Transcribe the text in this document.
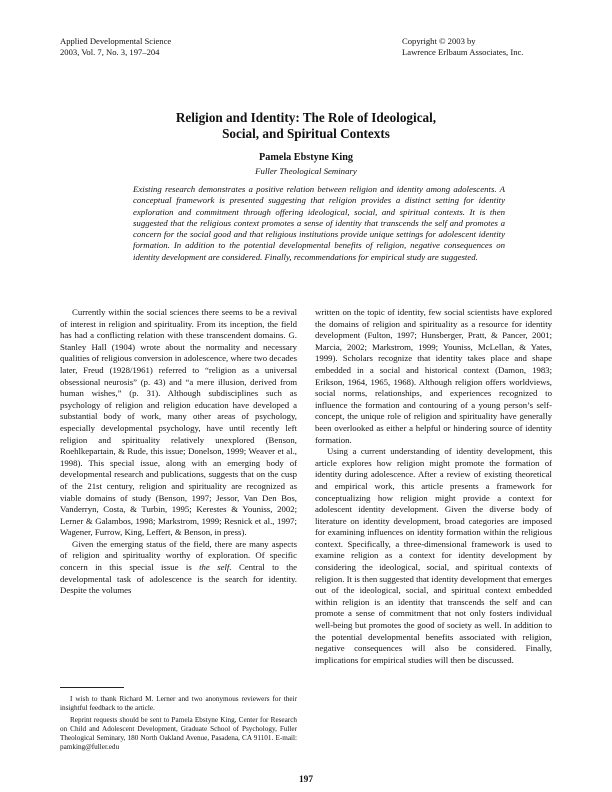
Applied Developmental Science
2003, Vol. 7, No. 3, 197–204
Copyright © 2003 by
Lawrence Erlbaum Associates, Inc.
Religion and Identity: The Role of Ideological,
Social, and Spiritual Contexts
Pamela Ebstyne King
Fuller Theological Seminary
Existing research demonstrates a positive relation between religion and identity among adolescents. A conceptual framework is presented suggesting that religion provides a distinct setting for identity exploration and commitment through offering ideological, social, and spiritual contexts. It is then suggested that the religious context promotes a sense of identity that transcends the self and promotes a concern for the social good and that religious institutions provide unique settings for adolescent identity formation. In addition to the potential developmental benefits of religion, negative consequences on identity development are considered. Finally, recommendations for empirical study are suggested.

Currently within the social sciences there seems to be a revival of interest in religion and spirituality. From its inception, the field has had a conflicting relation with these transcendent domains. G. Stanley Hall (1904) wrote about the normality and necessary qualities of religious conversion in adolescence, where two decades later, Freud (1928/1961) referred to “religion as a universal obsessional neurosis” (p. 43) and “a mere illusion, derived from human wishes,” (p. 31). Although subdisciplines such as psychology of religion and religion education have developed a substantial body of work, many other areas of psychology, especially developmental psychology, have until recently left religion and spirituality relatively unexplored (Benson, Roehlkepartain, & Rude, this issue; Donelson, 1999; Weaver et al., 1998). This special issue, along with an emerging body of developmental research and publications, suggests that on the cusp of the 21st century, religion and spirituality are recognized as viable domains of study (Benson, 1997; Jessor, Van Den Bos, Vanderryn, Costa, & Turbin, 1995; Kerestes & Youniss, 2002; Lerner & Galambos, 1998; Markstrom, 1999; Resnick et al., 1997; Wagener, Furrow, King, Leffert, & Benson, in press).

Given the emerging status of the field, there are many aspects of religion and spirituality worthy of exploration. Of specific concern in this special issue is the self. Central to the developmental task of adolescence is the search for identity. Despite the volumes

written on the topic of identity, few social scientists have explored the domains of religion and spirituality as a resource for identity development (Fulton, 1997; Hunsberger, Pratt, & Pancer, 2001; Marcia, 2002; Markstrom, 1999; Youniss, McLellan, & Yates, 1999). Scholars recognize that identity takes place and shape embedded in a social and historical context (Damon, 1983; Erikson, 1964, 1965, 1968). Although religion offers worldviews, social norms, relationships, and experiences recognized to influence the formation and contouring of a young person’s self-concept, the unique role of religion and spirituality have generally been overlooked as either a helpful or hindering source of identity formation.

Using a current understanding of identity development, this article explores how religion might promote the formation of identity during adolescence. After a review of existing theoretical and empirical work, this article presents a framework for conceptualizing how religion might provide a context for adolescent identity development. Given the diverse body of literature on identity development, broad categories are imposed for examining influences on identity formation within the religious context. Specifically, a three-dimensional framework is used to examine religion as a context for identity development by considering the ideological, social, and spiritual contexts of religion. It is then suggested that identity development that emerges out of the ideological, social, and spiritual context embedded within religion is an identity that transcends the self and can promote a sense of commitment that not only fosters individual well-being but promotes the good of society as well. In addition to the potential developmental benefits associated with religion, negative consequences will also be considered. Finally, implications for empirical studies will then be discussed.

I wish to thank Richard M. Lerner and two anonymous reviewers for their insightful feedback to the article.

Reprint requests should be sent to Pamela Ebstyne King, Center for Research on Child and Adolescent Development, Graduate School of Psychology, Fuller Theological Seminary, 180 North Oakland Avenue, Pasadena, CA 91101. E-mail: pamking@fuller.edu

197
